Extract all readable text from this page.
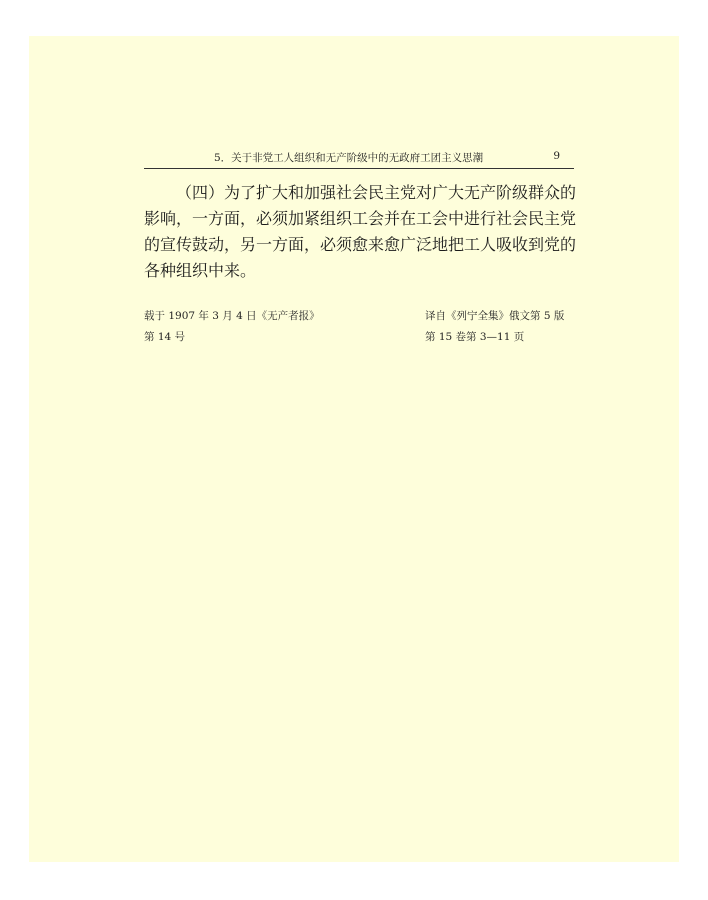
5．关于非党工人组织和无产阶级中的无政府工团主义思潮	9

（四）为了扩大和加强社会民主党对广大无产阶级群众的影响，一方面，必须加紧组织工会并在工会中进行社会民主党的宣传鼓动，另一方面，必须愈来愈广泛地把工人吸收到党的各种组织中来。

载于 1907 年 3 月 4 日《无产者报》
第 14 号
译自《列宁全集》俄文第 5 版
第 15 卷第 3—11 页
